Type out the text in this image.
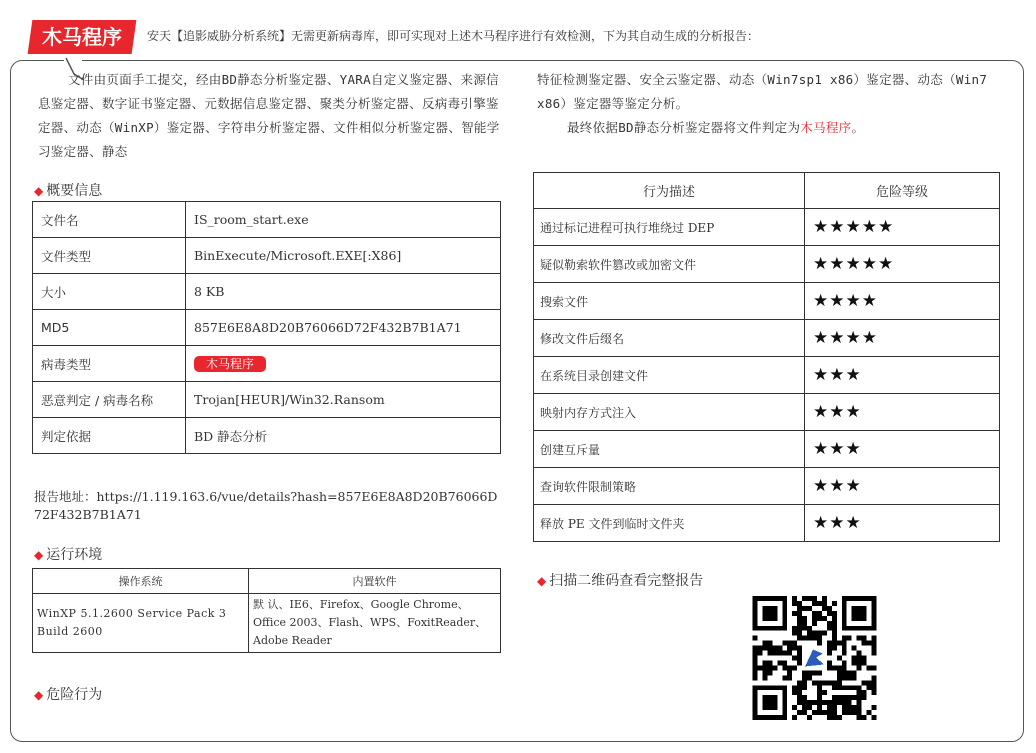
木马程序	安天【追影威胁分析系统】无需更新病毒库，即可实现对上述木马程序进行有效检测，下为其自动生成的分析报告：
文件由页面手工提交，经由BD静态分析鉴定器、YARA自定义鉴定器、来源信息鉴定器、数字证书鉴定器、元数据信息鉴定器、聚类分析鉴定器、反病毒引擎鉴定器、动态（WinXP）鉴定器、字符串分析鉴定器、文件相似分析鉴定器、智能学习鉴定器、静态
特征检测鉴定器、安全云鉴定器、动态（Win7sp1 x86）鉴定器、动态（Win7 x86）鉴定器等鉴定分析。
最终依据BD静态分析鉴定器将文件判定为木马程序。
◆ 概要信息
文件名	IS_room_start.exe
文件类型	BinExecute/Microsoft.EXE[:X86]
大小	8 KB
MD5	857E6E8A8D20B76066D72F432B7B1A71
病毒类型	木马程序
恶意判定 / 病毒名称	Trojan[HEUR]/Win32.Ransom
判定依据	BD 静态分析
报告地址：https://1.119.163.6/vue/details?hash=857E6E8A8D20B76066D72F432B7B1A71
◆ 运行环境
操作系统	内置软件
WinXP 5.1.2600 Service Pack 3 Build 2600	默 认、IE6、Firefox、Google Chrome、Office 2003、Flash、WPS、FoxitReader、Adobe Reader
◆ 危险行为
行为描述	危险等级
通过标记进程可执行堆绕过 DEP	★★★★★
疑似勒索软件篡改或加密文件	★★★★★
搜索文件	★★★★
修改文件后缀名	★★★★
在系统目录创建文件	★★★
映射内存方式注入	★★★
创建互斥量	★★★
查询软件限制策略	★★★
释放 PE 文件到临时文件夹	★★★
◆ 扫描二维码查看完整报告
